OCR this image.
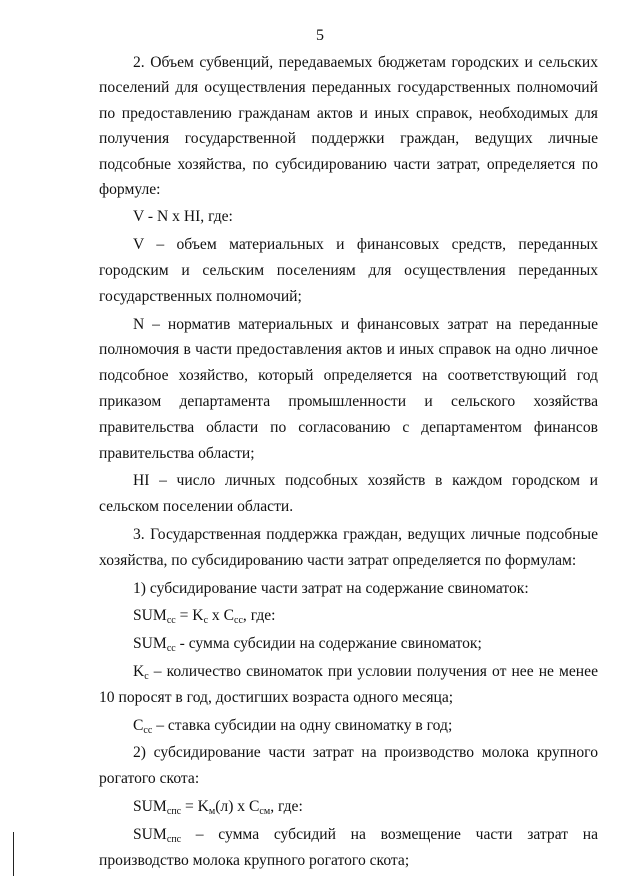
5

2. Объем субвенций, передаваемых бюджетам городских и сельских поселений для осуществления переданных государственных полномочий по предоставлению гражданам актов и иных справок, необходимых для получения государственной поддержки граждан, ведущих личные подсобные хозяйства, по субсидированию части затрат, определяется по формуле:

V - N x HI, где:

V – объем материальных и финансовых средств, переданных городским и сельским поселениям для осуществления переданных государственных полномочий;

N – норматив материальных и финансовых затрат на переданные полномочия в части предоставления актов и иных справок на одно личное подсобное хозяйство, который определяется на соответствующий год приказом департамента промышленности и сельского хозяйства правительства области по согласованию с департаментом финансов правительства области;

HI – число личных подсобных хозяйств в каждом городском и сельском поселении области.

3. Государственная поддержка граждан, ведущих личные подсобные хозяйства, по субсидированию части затрат определяется по формулам:

1) субсидирование части затрат на содержание свиноматок:

$SUM_{сс} = K_с$ x $C_{сс}$, где:

$SUM_{сс}$ - сумма субсидии на содержание свиноматок;

$K_с$ – количество свиноматок при условии получения от нее не менее 10 поросят в год, достигших возраста одного месяца;

$C_{сс}$ – ставка субсидии на одну свиноматку в год;

2) субсидирование части затрат на производство молока крупного рогатого скота:

$SUM_{спс} = K_м(л)$ x $C_{см}$, где:

$SUM_{спс}$ – сумма субсидий на возмещение части затрат на производство молока крупного рогатого скота;
